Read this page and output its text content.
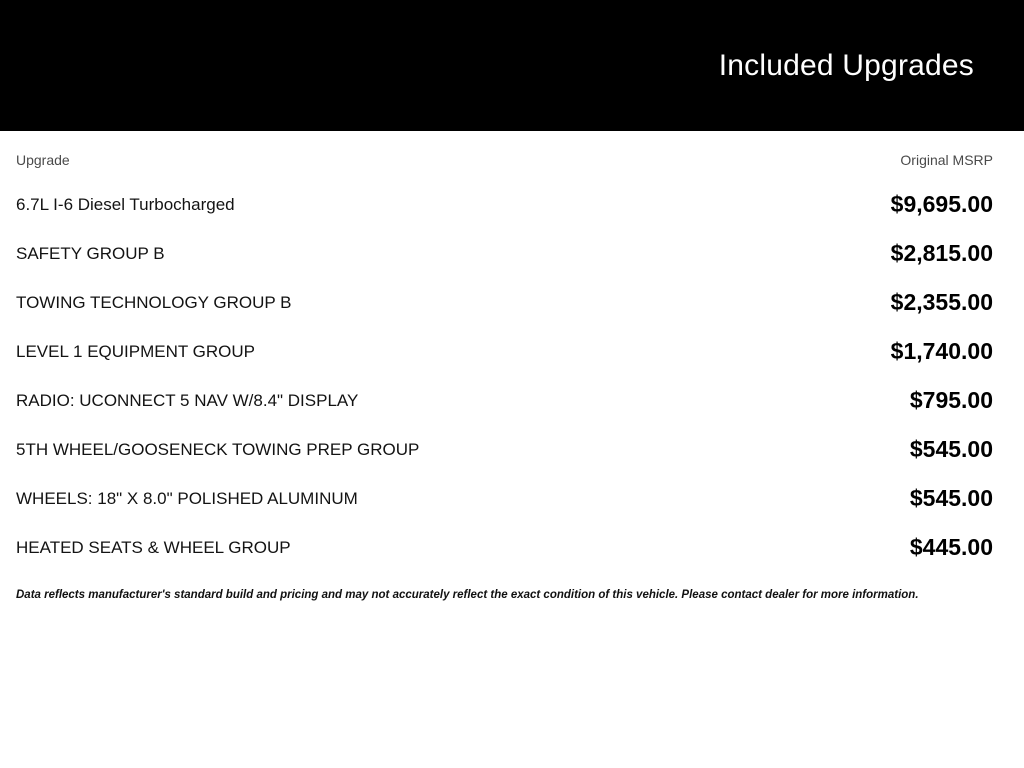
Included Upgrades
Upgrade	Original MSRP
6.7L I-6 Diesel Turbocharged	$9,695.00
SAFETY GROUP B	$2,815.00
TOWING TECHNOLOGY GROUP B	$2,355.00
LEVEL 1 EQUIPMENT GROUP	$1,740.00
RADIO: UCONNECT 5 NAV W/8.4" DISPLAY	$795.00
5TH WHEEL/GOOSENECK TOWING PREP GROUP	$545.00
WHEELS: 18" X 8.0" POLISHED ALUMINUM	$545.00
HEATED SEATS & WHEEL GROUP	$445.00
Data reflects manufacturer's standard build and pricing and may not accurately reflect the exact condition of this vehicle. Please contact dealer for more information.
